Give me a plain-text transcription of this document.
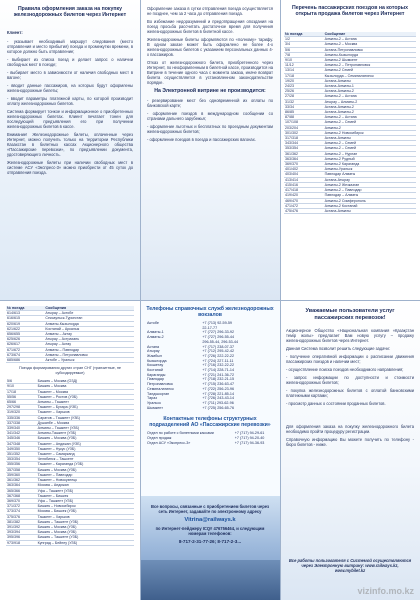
Правила оформления заказа на покупку железнодорожных билетов через Интернет
Клиент:

- указывает необходимый маршрут следования (место отправления и место прибытия) поезда и промежутки времени, в которое должно быть отправление;

- выбирает из списка поезд и делает запрос о наличии свободных мест в поезде;

- выбирает место в зависимости от наличия свободных мест в вагоне;

- вводит данные пассажиров, на которых будут оформлены железнодорожные билеты;

- вводит параметры платежной карты, по которой производит оплату железнодорожных билетов.

Система формирует тонкое и информационное о приобретенных железнодорожных билетах. Клиент печатает тонен для последующей предъявления его при получении железнодорожных билетов в кассе.

Внимание! Железнодорожные билеты, оплаченные через Интернет, можно получить только на территории Республики Казахстан в билетных кассах Акционерного общества «Пассажирские перевозки», по предъявлении документа, удостоверяющего личность.

Железнодорожные билеты при наличии свободных мест в системе АСУ «Экспресс-3» можно приобрести от 45 суток до отправления поезда.

Оформление заказа в сутки отправления поезда осуществляется не позднее, чем за 2 часа до отправления поезда.

Во избежание недоразумений и предотвращения опоздания на поезд просьба рассчитать достаточное время для получения железнодорожных билетов в билетной кассе.

Железнодорожные билеты оформляются по «полному» тарифу. В одном заказе может быть оформлено не более 4-х железнодорожных билетов с указанием персональных данных 4-х пассажиров.

Отказ от железнодорожного билета, приобретенного через Интернет, по неоформленным в билетной кассе, производится на Витрине в течение одного часа с момента заказа, иначе возврат билета осуществляется в установленном законодательстве порядке.

На Электронной витрине не производится:

- резервирование мест без одновременной их оплаты по банковской карте;

- оформление поездов в международном сообщении со странами дальнего зарубежья;

- оформление льготных и бесплатных по проездным документам железнодорожных билетов;

- оформление поездов в поезда и пассажирских вагонах.

Перечень пассажирских поездов на которых открыта продажа билетов через Интернет
№ поезда	Сообщение
1/2	Алматы-2 – Астана
3/4	Алматы-2 – Москва
5/6	Астана-Петропавловск
7/8	Алматы-Кызылорда
9/10	Алматы-2 Шымкент
11/12	Алматы-2 – Петропавловск
13/14	Алматы-2 Семей
17/18	Кызылорда – Семипалатинск
19/20	Астана-Алматы
24/23	Астана-Алматы-1
25/26	Астана-Алматы-2
27/28	Алматы-2 – Астана
31/32	Атырау – Алматы-2
33/34	Астана-Алматы-2
86/85	Астана-Алматы-2
87/88	Алматы-2 – Астана
107/108	Алматы-2 – Семей
203/204	Алматы-2
301/302	Алматы-2 Новосибирск
317/318	Астана-Алматы
343/344	Алматы-2 – Семей
353/354	Алматы-2 – Семей
361/362	Алматы-2 – Нурлан
363/364	Алматы-2 Рудный
369/370	Алматы-2 Караганда
401/402	Алматы-Уральск
403/404	Павлодар Алматы
413/414	Астана-Атырау
415/416	Алматы-2 Жезказган
417/418	Алматы-2 – Павлодар
419/420	Павлодар – Алматы
469/470	Алматы-2 Симферополь
471/472	Алматы-2 Костанай
475/476	Астана-Алматы
№ поезда	Сообщения
614/613	Атырау – Актобе
616/615	Сексаульск-Туркестан
620/619	Алматы-Кызылорда
621/622	Костанай – Аркалык
656/655	Алматы – Актау
625/626	Атырау – Астрахань
626/617	Атырау – Актау
671/672	Алматы – Павлодар
673/674	Алматы – Петропавловск
685/686	Актобе – Уральск
Поезда формирования других стран СНГ (транзитные, не субсидируемые)
5/6	Бишкек – Москва (ОЗД)
9/10	Бишкек – Москва
17/18	Ташкент – Москва
55/56	Ташкент – Ростов (УЗБ)
65/66	Алматы – Ташкент
297/298	Ташкент – Бухара (УЗБ)
319/320	Ташкент – Харьков
335/336	Саратов – Ташкент (УЗБ)
337/338	Душанбе – Москва
339/340	Алматы – Ташкент (УЗБ)
341/342	Алматы-Ташкент (УЗБ)
345/346	Бишкек – Москва (УЗБ)
347/348	Ташкент – Андижан (УЗБ)
349/350	Ташкент – Нукус (УЗБ)
351/352	Ташкент – Самарканд
353/354	Челябинск – Ташкент
355/356	Ташкент – Караганда (УЗБ)
357/358	Бишкек – Москва (УЗБ)
359/360	Ташкент – Павлодар
361/362	Ташкент – Новокузнецк
363/364	Москва – Андижан
365/366	Уфа – Ташкент (УЗБ)
367/368	Ташкент – Бишкек
369/370	Уфа – Ташкент (УЗБ)
371/372	Бишкек – Новосибирск
373/374	Москва – Бишкек (УЗБ)
375/376	Ташкент – Харьков
381/382	Бишкек – Ташкент (УЗБ)
391/392	Бишкек – Москва (УЗБ)
393/394	Бишкек – Москва (УЗБ)
395/396	Бишкек – Ташкент (УЗБ)
973/918	Кунград – Бейнеу (УЗБ)
Телефоны справочных служб железнодорожных вокзалов
Актобе	+7 (713) 92-59-59
	22-17-77
Алматы-1	+7 (727) 296-33-92
Алматы-2	+7 (727) 296-55-44
	296-55-44, 296-53-44
Астана	+7 (717) 238-07-37
Атырау	+7 (712) 295-42-42
Жамбыл	+7 (726) 222-22-22
Кызылорда	+7 (724) 227-11-11
Кокшетау	+7 (716) 232-22-22
Костанай	+7 (714) 228-71-14
Караганды	+7 (721) 241-36-72
Павлодар	+7 (718) 232-21-15
Петропавловск	+7 (715) 236-63-47
Семипалатинск	+7 (722) 256-23-96
Талдыкорган	+7 (728) 221-85-14
Тараз	+7 (726) 243-43-14
Уральск	+7 (711) 293-62-96
Шымкент	+7 (725) 256-65-76
Контактные телефоны структурных подразделений АО «Пассажирские перевозки»
Отдел по работе с билетными кассами	+7 (717) 94-29-61
Отдел продаж	+7 (717) 94-20-40
Отдел АСУ «Экспресс-3»	+7 (717) 94-36-93

Все вопросы, связанные с приобретением билетов через сеть Интернет, задавайте по электронному адресу

Vitrina@railways.k

по Интернет-пейджеру ICQ# 476756464, и следующим номерам телефонов:

8-717-2-31-77-26; 8-717-2-3...
Уважаемые пользователи услуг пассажирских перевозок!

Акционерное Общество «Национальная компания «Қазақстан темір жолы» предлагает Вам новую услугу – продажу железнодорожных билетов через Интернет.

Данная Система позволит решить следующие задачи:

- получение оперативной информации о расписании движения пассажирских поездов и наличии мест;

- осуществление поиска поездов необходимого направления;

- запрос информации по доступности и стоимости железнодорожных билетов;

- покупка железнодорожных билетов с оплатой банковскими платежными картами;

- просмотр данных о состоянии проданных билетов.

Для оформления заказа на покупку железнодорожного билета необходимо пройти процедуру регистрации.

Справочную информацию Вы можете получить по телефону - бюро билетов - ниже.

Все работы пользователя с Системой осуществляются через Электронную витрину: www.railways.kz, www.mybilet.kz

vizinfo.mo.kz
